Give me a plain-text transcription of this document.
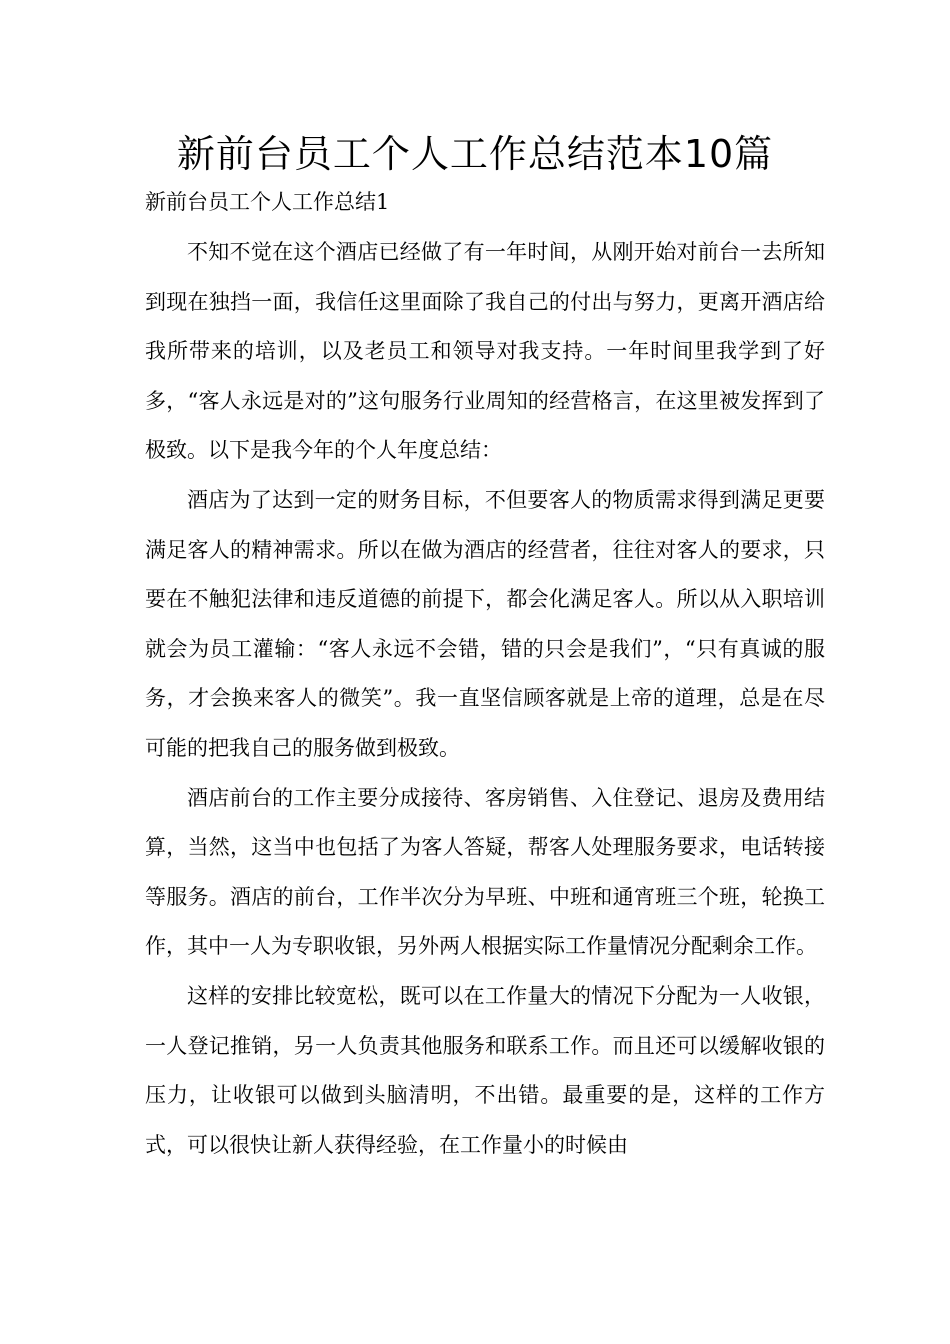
新前台员工个人工作总结范本10篇

新前台员工个人工作总结1

不知不觉在这个酒店已经做了有一年时间，从刚开始对前台一去所知到现在独挡一面，我信任这里面除了我自己的付出与努力，更离开酒店给我所带来的培训，以及老员工和领导对我支持。一年时间里我学到了好多，“客人永远是对的”这句服务行业周知的经营格言，在这里被发挥到了极致。以下是我今年的个人年度总结：

酒店为了达到一定的财务目标，不但要客人的物质需求得到满足更要满足客人的精神需求。所以在做为酒店的经营者，往往对客人的要求，只要在不触犯法律和违反道德的前提下，都会化满足客人。所以从入职培训就会为员工灌输：“客人永远不会错，错的只会是我们”，“只有真诚的服务，才会换来客人的微笑”。我一直坚信顾客就是上帝的道理，总是在尽可能的把我自己的服务做到极致。

酒店前台的工作主要分成接待、客房销售、入住登记、退房及费用结算，当然，这当中也包括了为客人答疑，帮客人处理服务要求，电话转接等服务。酒店的前台，工作半次分为早班、中班和通宵班三个班，轮换工作，其中一人为专职收银，另外两人根据实际工作量情况分配剩余工作。

这样的安排比较宽松，既可以在工作量大的情况下分配为一人收银，一人登记推销，另一人负责其他服务和联系工作。而且还可以缓解收银的压力，让收银可以做到头脑清明，不出错。最重要的是，这样的工作方式，可以很快让新人获得经验，在工作量小的时候由
